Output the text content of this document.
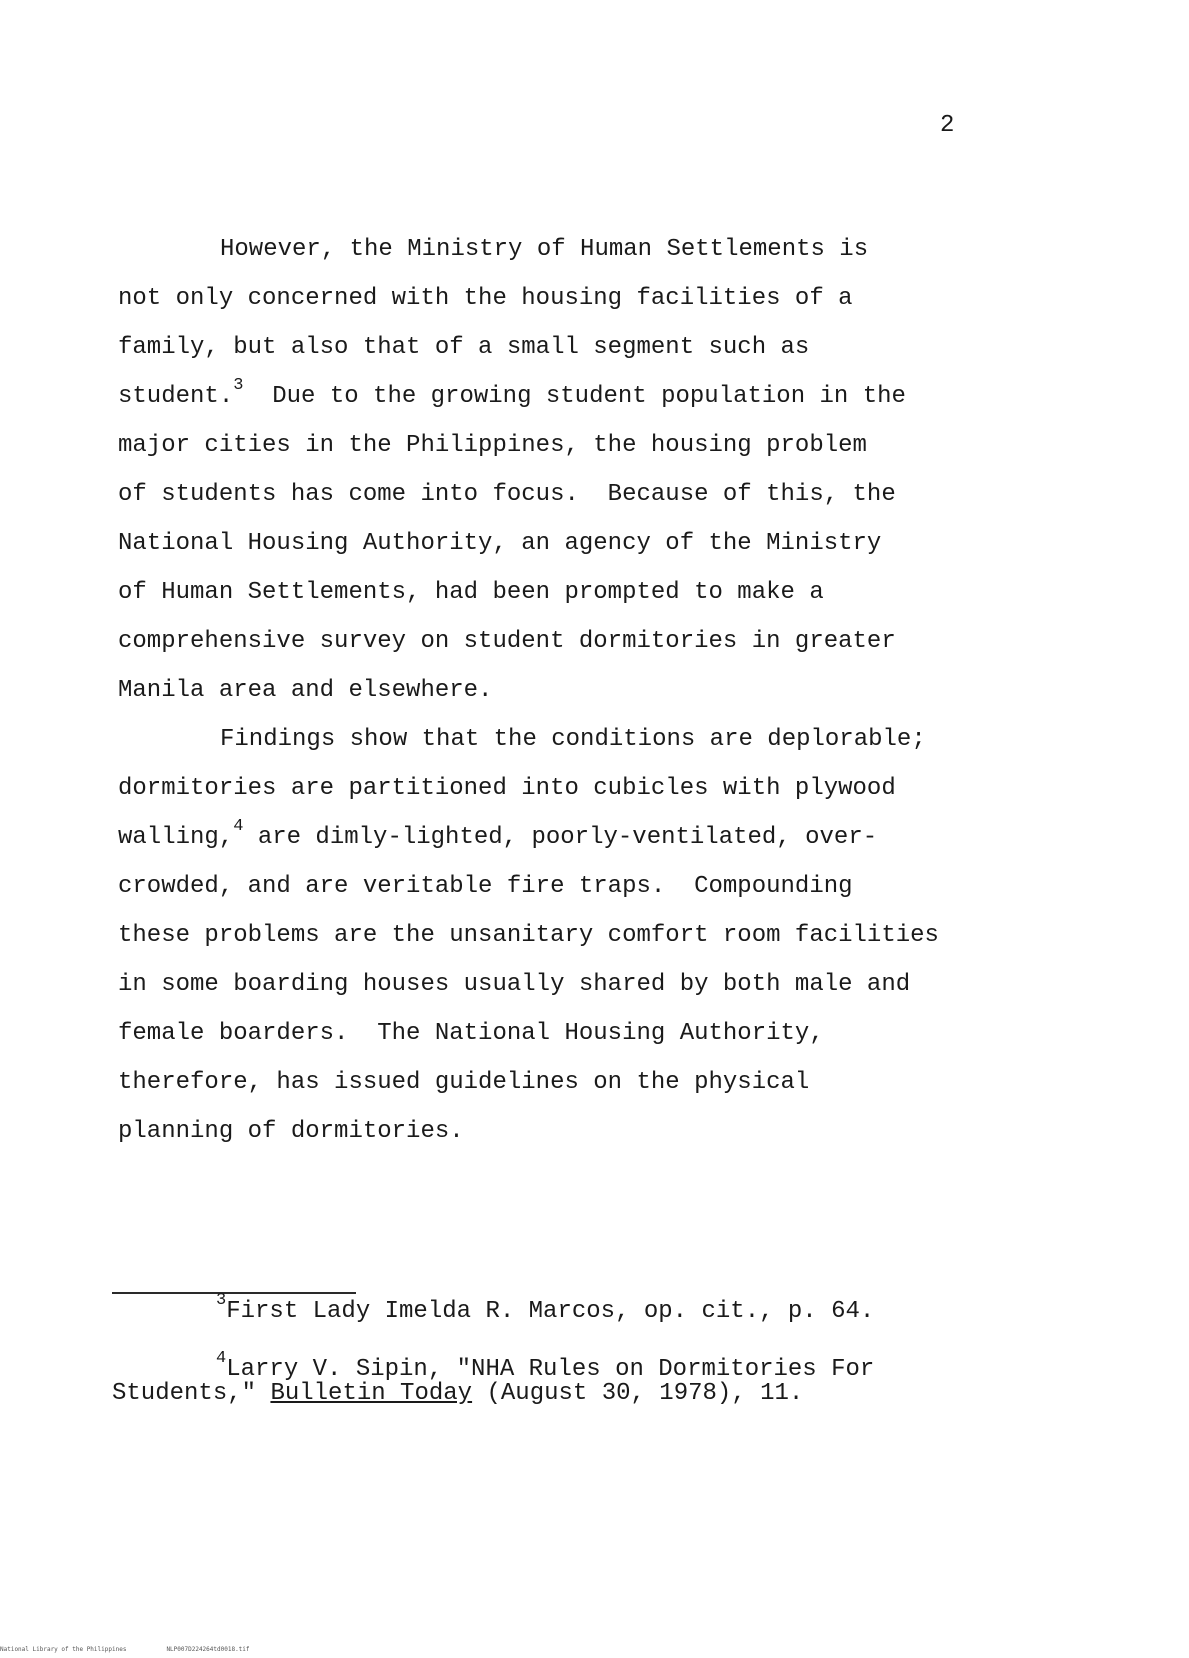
2
However, the Ministry of Human Settlements is
not only concerned with the housing facilities of a
family, but also that of a small segment such as
student.$^3$  Due to the growing student population in the
major cities in the Philippines, the housing problem
of students has come into focus.  Because of this, the
National Housing Authority, an agency of the Ministry
of Human Settlements, had been prompted to make a
comprehensive survey on student dormitories in greater
Manila area and elsewhere.
Findings show that the conditions are deplorable;
dormitories are partitioned into cubicles with plywood
walling,$^4$ are dimly-lighted, poorly-ventilated, over-
crowded, and are veritable fire traps.  Compounding
these problems are the unsanitary comfort room facilities
in some boarding houses usually shared by both male and
female boarders.  The National Housing Authority,
therefore, has issued guidelines on the physical
planning of dormitories.
$^3$First Lady Imelda R. Marcos, op. cit., p. 64.
$^4$Larry V. Sipin, "NHA Rules on Dormitories For
Students," Bulletin Today (August 30, 1978), 11.
National Library of the Philippines	NLP007D224264td0018.tif
